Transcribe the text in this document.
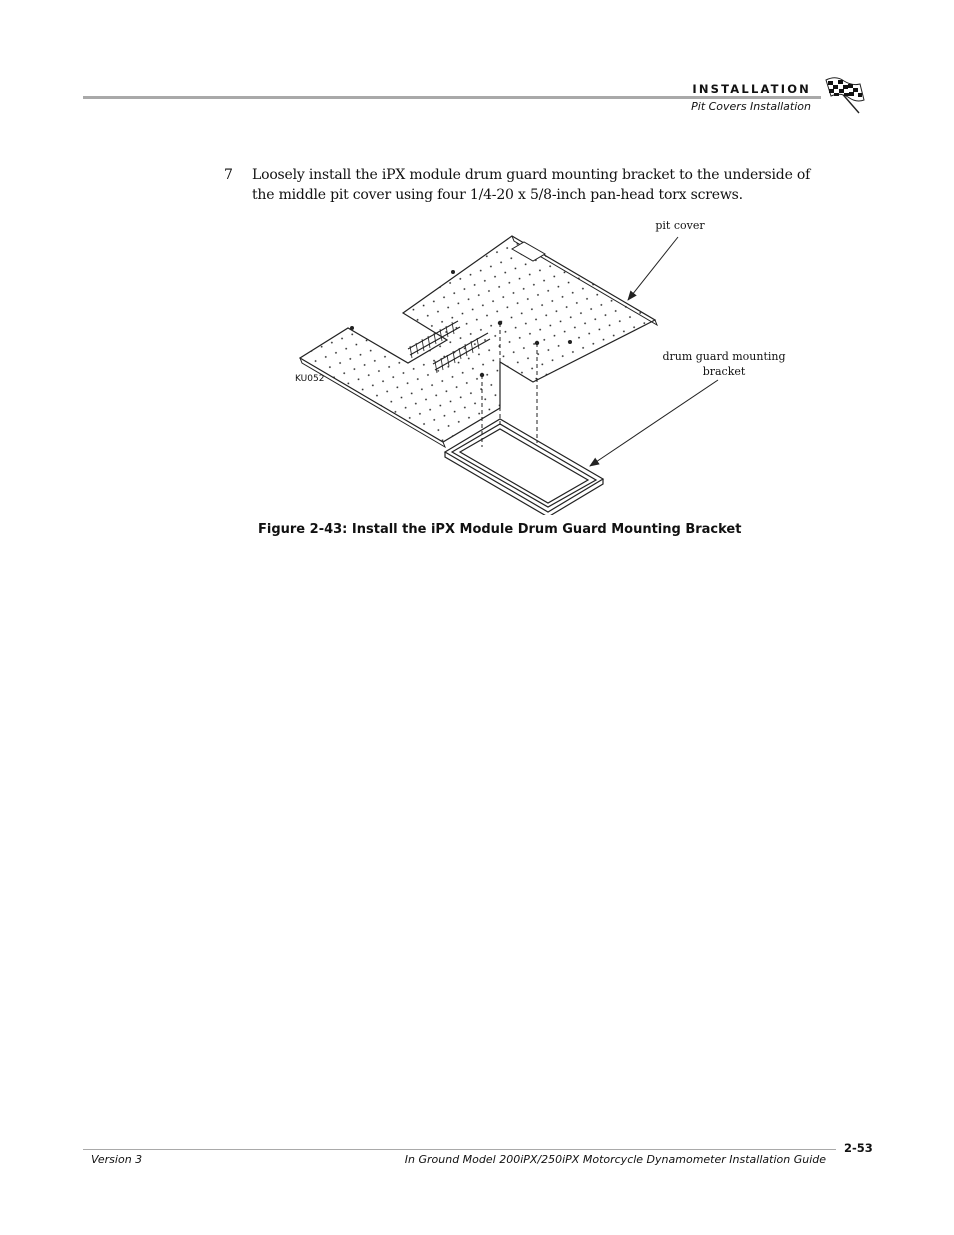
INSTALLATION
Pit Covers Installation
7 Loosely install the iPX module drum guard mounting bracket to the underside of the middle pit cover using four 1/4-20 x 5/8-inch pan-head torx screws.
KU052
pit cover
drum guard mounting
bracket
Figure 2-43: Install the iPX Module Drum Guard Mounting Bracket
2-53
Version 3	In Ground Model 200iPX/250iPX Motorcycle Dynamometer Installation Guide
